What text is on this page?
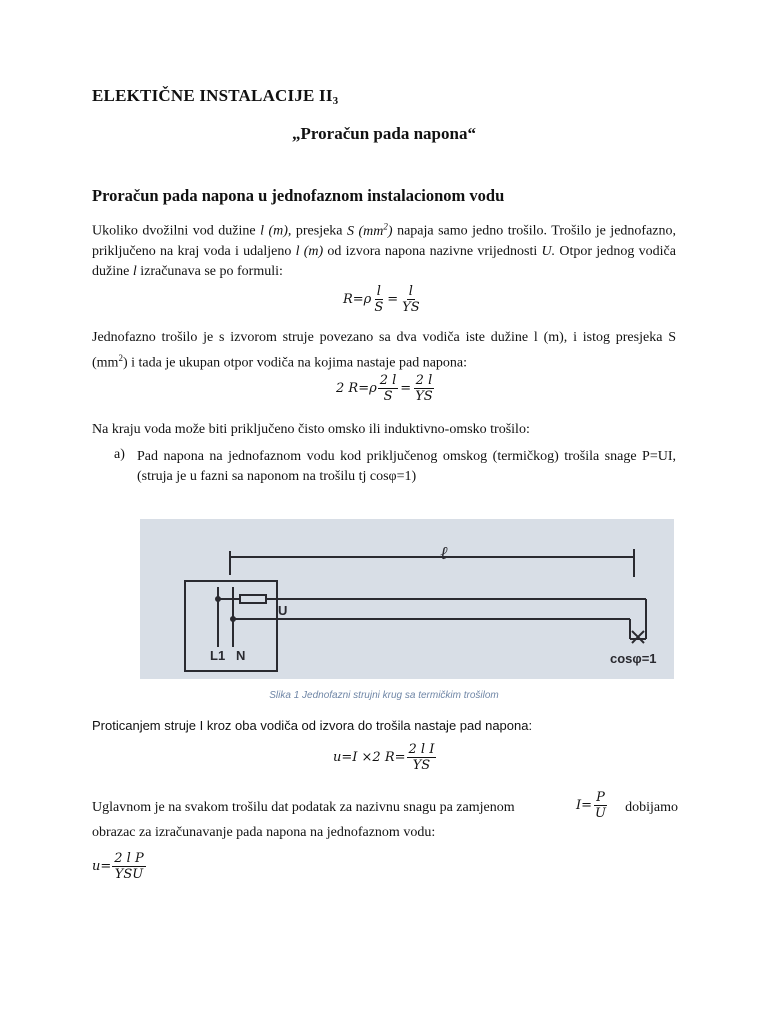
ELEKTIČNE INSTALACIJE $II_3$
„Proračun pada napona“
Proračun pada napona u jednofaznom instalacionom vodu
Ukoliko dvožilni vod dužine l (m), presjeka S $(mm^2)$ napaja samo jedno trošilo. Trošilo je jednofazno, priključeno na kraj voda i udaljeno l (m) od izvora napona nazivne vrijednosti U. Otpor jednog vodiča dužine l izračunava se po formuli:
$R=\rho \frac{l}{S} = \frac{l}{YS}$
Jednofazno trošilo je s izvorom struje povezano sa dva vodiča iste dužine l (m), i istog presjeka S $(mm^2)$ i tada je ukupan otpor vodiča na kojima nastaje pad napona:
2 $R=\rho \frac{2 l}{S} = \frac{2 l}{YS}$
Na kraju voda može biti priključeno čisto omsko ili induktivno-omsko trošilo:
a) Pad napona na jednofaznom vodu kod priključenog omskog (termičkog) trošila snage P=UI, (struja je u fazni sa naponom na trošilu tj cosφ=1)
ℓ
U
L1 N	cosφ=1
Slika 1 Jednofazni strujni krug sa termičkim trošilom
Proticanjem struje I kroz oba vodiča od izvora do trošila nastaje pad napona:
u=I ×2 $R= \frac{\text{2 l I}}{YS}$
Uglavnom je na svakom trošilu dat podatak za nazivnu snagu pa zamjenom	$I= \frac{P}{U}$	dobijamo
obrazac za izračunavanje pada napona na jednofaznom vodu:
$u= \frac{\text{2 l P}}{\text{YSU}}$
